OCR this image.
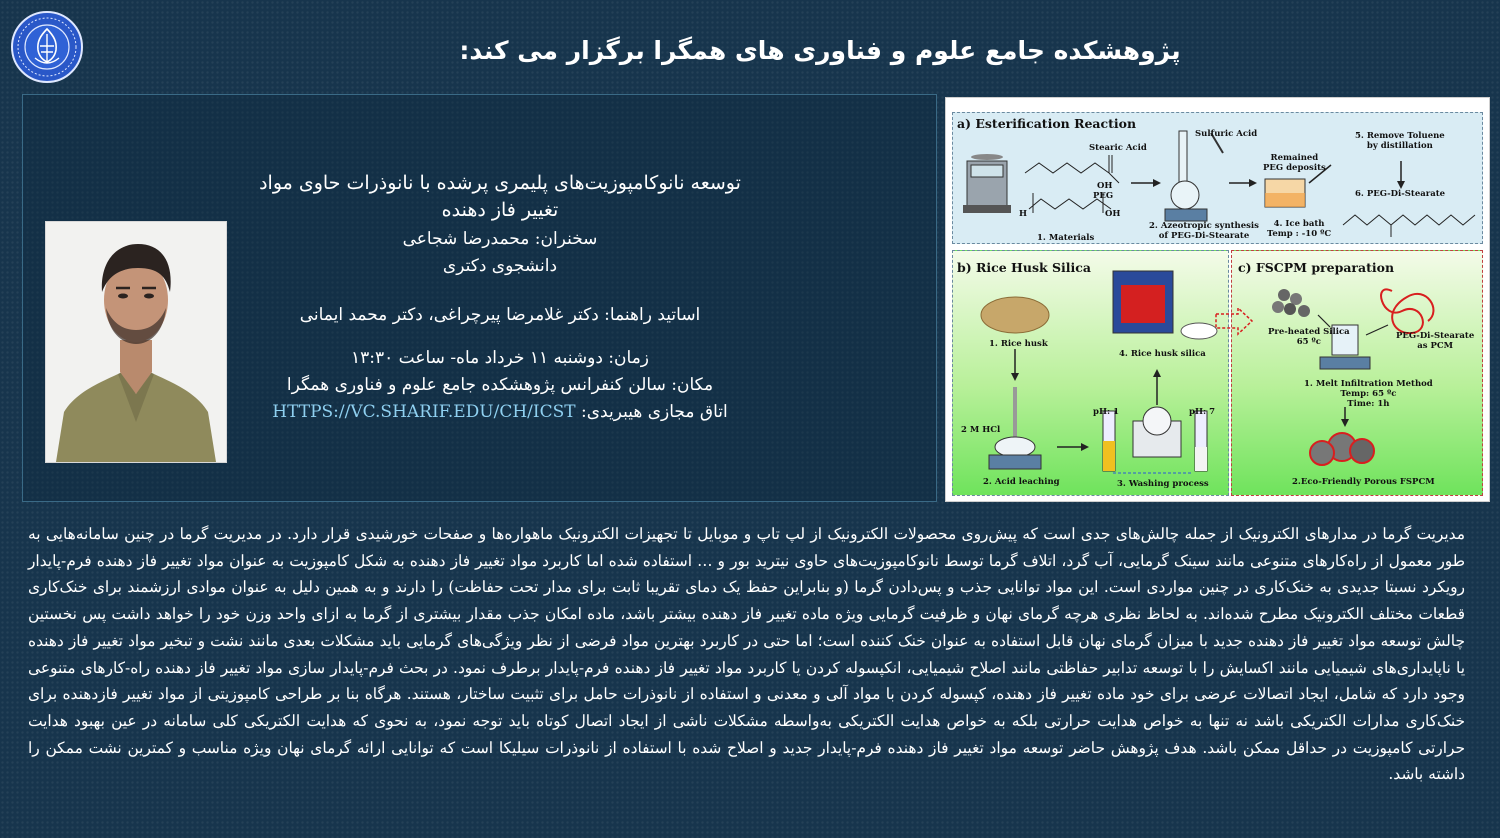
پژوهشکده جامع علوم و فناوری های همگرا برگزار می کند:
توسعه نانوکامپوزیت‌های پلیمری پرشده با نانوذرات حاوی مواد تغییر فاز دهنده
سخنران: محمدرضا شجاعی
دانشجوی دکتری
اساتید راهنما: دکتر غلامرضا پیرچراغی، دکتر محمد ایمانی
زمان: دوشنبه ۱۱ خرداد ماه- ساعت ۱۳:۳۰
مکان: سالن کنفرانس پژوهشکده جامع علوم و فناوری همگرا
اتاق مجازی هیبریدی: HTTPS://VC.SHARIF.EDU/CH/ICST
a) Esterification Reaction
Stearic Acid
OH
PEG
H	OH
1. Materials
Sulfuric Acid
2. Azeotropic synthesis
of PEG-Di-Stearate
Remained
PEG deposits
4. Ice bath
Temp : -10 ºC
5. Remove Toluene
by distillation
6. PEG-Di-Stearate
b) Rice Husk Silica
1. Rice husk
2 M HCl
2. Acid leaching
pH: 1	pH: 7
3. Washing process
4. Rice husk silica
c) FSCPM preparation
Pre-heated Silica
65 ºc
PEG-Di-Stearate
as PCM
1. Melt Infiltration Method
Temp: 65 ºc
Time: 1h
2.Eco-Friendly Porous FSPCM
مدیریت گرما در مدارهای الکترونیک از جمله چالش‌های جدی است که پیش‌روی محصولات الکترونیک از لپ تاپ و موبایل تا تجهیزات الکترونیک ماهواره‌ها و صفحات خورشیدی قرار دارد. در مدیریت گرما در چنین سامانه‌هایی به طور معمول از راه‌کارهای متنوعی مانند سینک گرمایی، آب گرد، اتلاف گرما توسط نانوکامپوزیت‌های حاوی نیترید بور و … استفاده شده اما کاربرد مواد تغییر فاز دهنده به شکل کامپوزیت به عنوان مواد تغییر فاز دهنده فرم-پایدار رویکرد نسبتا جدیدی به خنک‌کاری در چنین مواردی است. این مواد توانایی جذب و پس‌دادن گرما (و بنابراین حفظ یک دمای تقریبا ثابت برای مدار تحت حفاظت) را دارند و به همین دلیل به عنوان موادی ارزشمند برای خنک‌کاری قطعات مختلف الکترونیک مطرح شده‌اند. به لحاظ نظری هرچه گرمای نهان و ظرفیت گرمایی ویژه ماده تغییر فاز دهنده بیشتر باشد، ماده امکان جذب مقدار بیشتری از گرما به ازای واحد وزن خود را خواهد داشت پس نخستین چالش توسعه مواد تغییر فاز دهنده جدید با میزان گرمای نهان قابل استفاده به عنوان خنک کننده است؛ اما حتی در کاربرد بهترین مواد فرضی از نظر ویژگی‌های گرمایی باید مشکلات بعدی مانند نشت و تبخیر مواد تغییر فاز دهنده یا ناپایداری‌های شیمیایی مانند اکسایش را با توسعه تدابیر حفاظتی مانند اصلاح شیمیایی، انکپسوله کردن یا کاربرد مواد تغییر فاز دهنده فرم-پایدار برطرف نمود. در بحث فرم-پایدار سازی مواد تغییر فاز دهنده راه-کارهای متنوعی وجود دارد که شامل، ایجاد اتصالات عرضی برای خود ماده تغییر فاز دهنده، کپسوله کردن با مواد آلی و معدنی و استفاده از نانوذرات حامل برای تثبیت ساختار، هستند. هرگاه بنا بر طراحی کامپوزیتی از مواد تغییر فازدهنده برای خنک‌کاری مدارات الکتریکی باشد نه تنها به خواص هدایت حرارتی بلکه به خواص هدایت الکتریکی به‌واسطه مشکلات ناشی از ایجاد اتصال کوتاه باید توجه نمود، به نحوی که هدایت الکتریکی کلی سامانه در عین بهبود هدایت حرارتی کامپوزیت در حداقل ممکن باشد. هدف پژوهش حاضر توسعه مواد تغییر فاز دهنده فرم-پایدار جدید و اصلاح شده با استفاده از نانوذرات سیلیکا است که توانایی ارائه گرمای نهان ویژه مناسب و کمترین نشت ممکن را داشته باشد.
